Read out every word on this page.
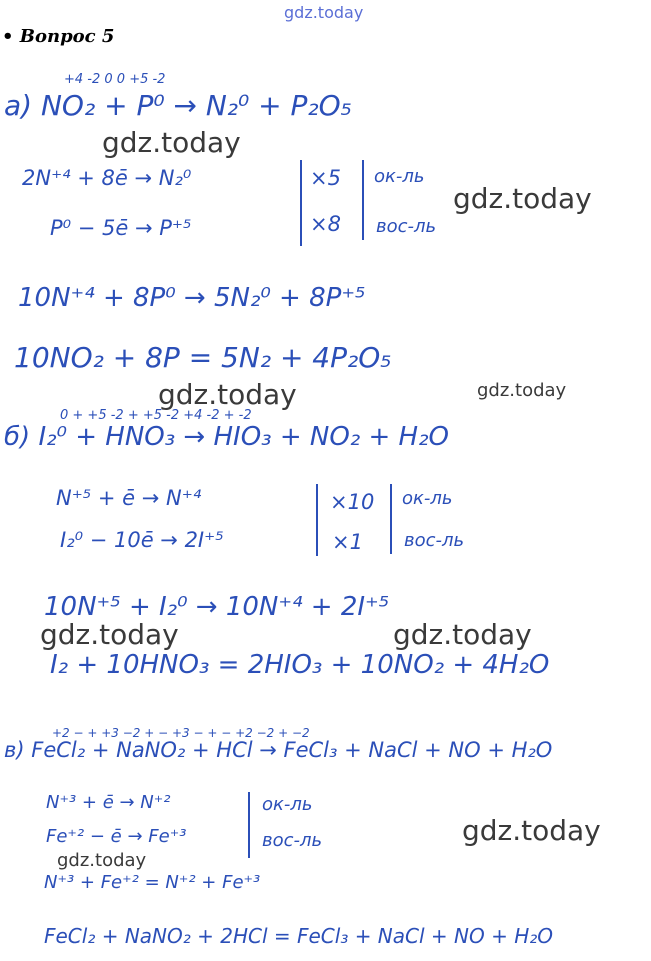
gdz.today
gdz.today
gdz.today
gdz.today	gdz.today
gdz.today	gdz.today
gdz.today
gdz.today
• Вопрос 5
+4 -2 0 0 +5 -2
а) NO₂ + P⁰ → N₂⁰ + P₂O₅
2N⁺⁴ + 8ē → N₂⁰
P⁰ − 5ē → P⁺⁵
×5
×8
ок-ль
вос-ль
10N⁺⁴ + 8P⁰ → 5N₂⁰ + 8P⁺⁵
10NO₂ + 8P = 5N₂ + 4P₂O₅
0 + +5 -2 + +5 -2 +4 -2 + -2
б) I₂⁰ + HNO₃ → HIO₃ + NO₂ + H₂O
N⁺⁵ + ē → N⁺⁴
I₂⁰ − 10ē → 2I⁺⁵
×10
×1
ок-ль
вос-ль
10N⁺⁵ + I₂⁰ → 10N⁺⁴ + 2I⁺⁵
I₂ + 10HNO₃ = 2HIO₃ + 10NO₂ + 4H₂O
+2 − + +3 −2 + − +3 − + − +2 −2 + −2
в) FeCl₂ + NaNO₂ + HCl → FeCl₃ + NaCl + NO + H₂O
N⁺³ + ē → N⁺²
Fe⁺² − ē → Fe⁺³
ок-ль
вос-ль
N⁺³ + Fe⁺² = N⁺² + Fe⁺³
FeCl₂ + NaNO₂ + 2HCl = FeCl₃ + NaCl + NO + H₂O
